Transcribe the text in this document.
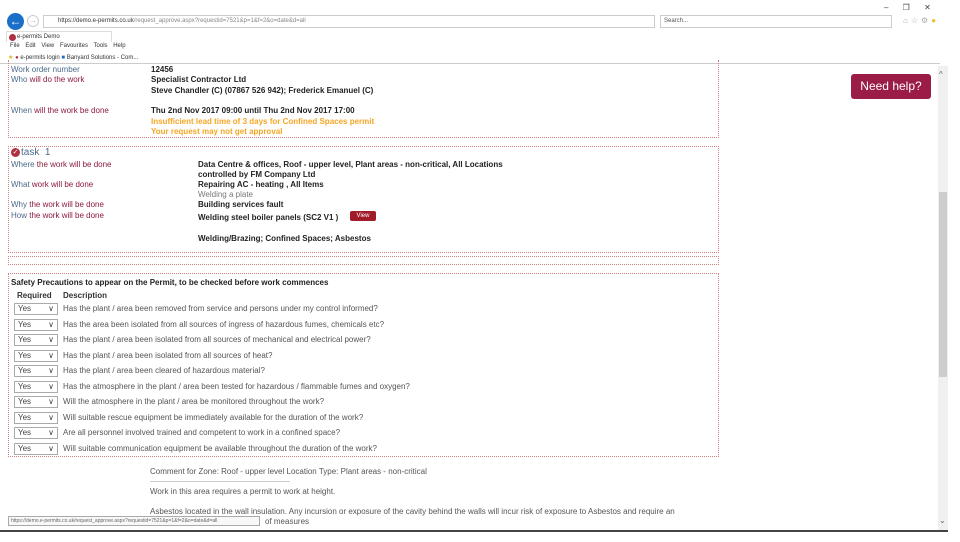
← →	https://demo.e-permits.co.uk/request_approve.aspx?requestid=7521&p=1&f=2&o=date&d=all	Search...	⌂☆⚙●
– ❐ ✕
e-permits Demo
File Edit View Favourites Tools Help
★ ● e-permits login ■ Banyard Solutions - Com...
Work order number	12456
Who will do the work	Specialist Contractor Ltd
Steve Chandler (C) (07867 526 942); Frederick Emanuel (C)
When will the work be done	Thu 2nd Nov 2017 09:00 until Thu 2nd Nov 2017 17:00
Insufficient lead time of 3 days for Confined Spaces permit
Your request may not get approval
✓ task 1
Where the work will be done	Data Centre & offices, Roof - upper level, Plant areas - non-critical, All Locations
controlled by FM Company Ltd
What work will be done	Repairing AC - heating , All Items
Welding a plate
Why the work will be done	Building services fault
How the work will be done	Welding steel boiler panels (SC2 V1 )	View
Welding/Brazing; Confined Spaces; Asbestos
Safety Precautions to appear on the Permit, to be checked before work commences
Required Description
Yes ∨ Has the plant / area been removed from service and persons under my control informed?
Yes ∨ Has the area been isolated from all sources of ingress of hazardous fumes, chemicals etc?
Yes ∨ Has the plant / area been isolated from all sources of mechanical and electrical power?
Yes ∨ Has the plant / area been isolated from all sources of heat?
Yes ∨ Has the plant / area been cleared of hazardous material?
Yes ∨ Has the atmosphere in the plant / area been tested for hazardous / flammable fumes and oxygen?
Yes ∨ Will the atmosphere in the plant / area be monitored throughout the work?
Yes ∨ Will suitable rescue equipment be immediately available for the duration of the work?
Yes ∨ Are all personnel involved trained and competent to work in a confined space?
Yes ∨ Will suitable communication equipment be available throughout the duration of the work?
Comment for Zone: Roof - upper level Location Type: Plant areas - non-critical
Work in this area requires a permit to work at height.
Asbestos located in the wall insulation. Any incursion or exposure of the cavity behind the walls will incur risk of exposure to Asbestos and require an
of measures
https://demo.e-permits.co.uk/request_approve.aspx?requestid=7521&p=1&f=2&o=date&d=all
Need help?
^
⌄
